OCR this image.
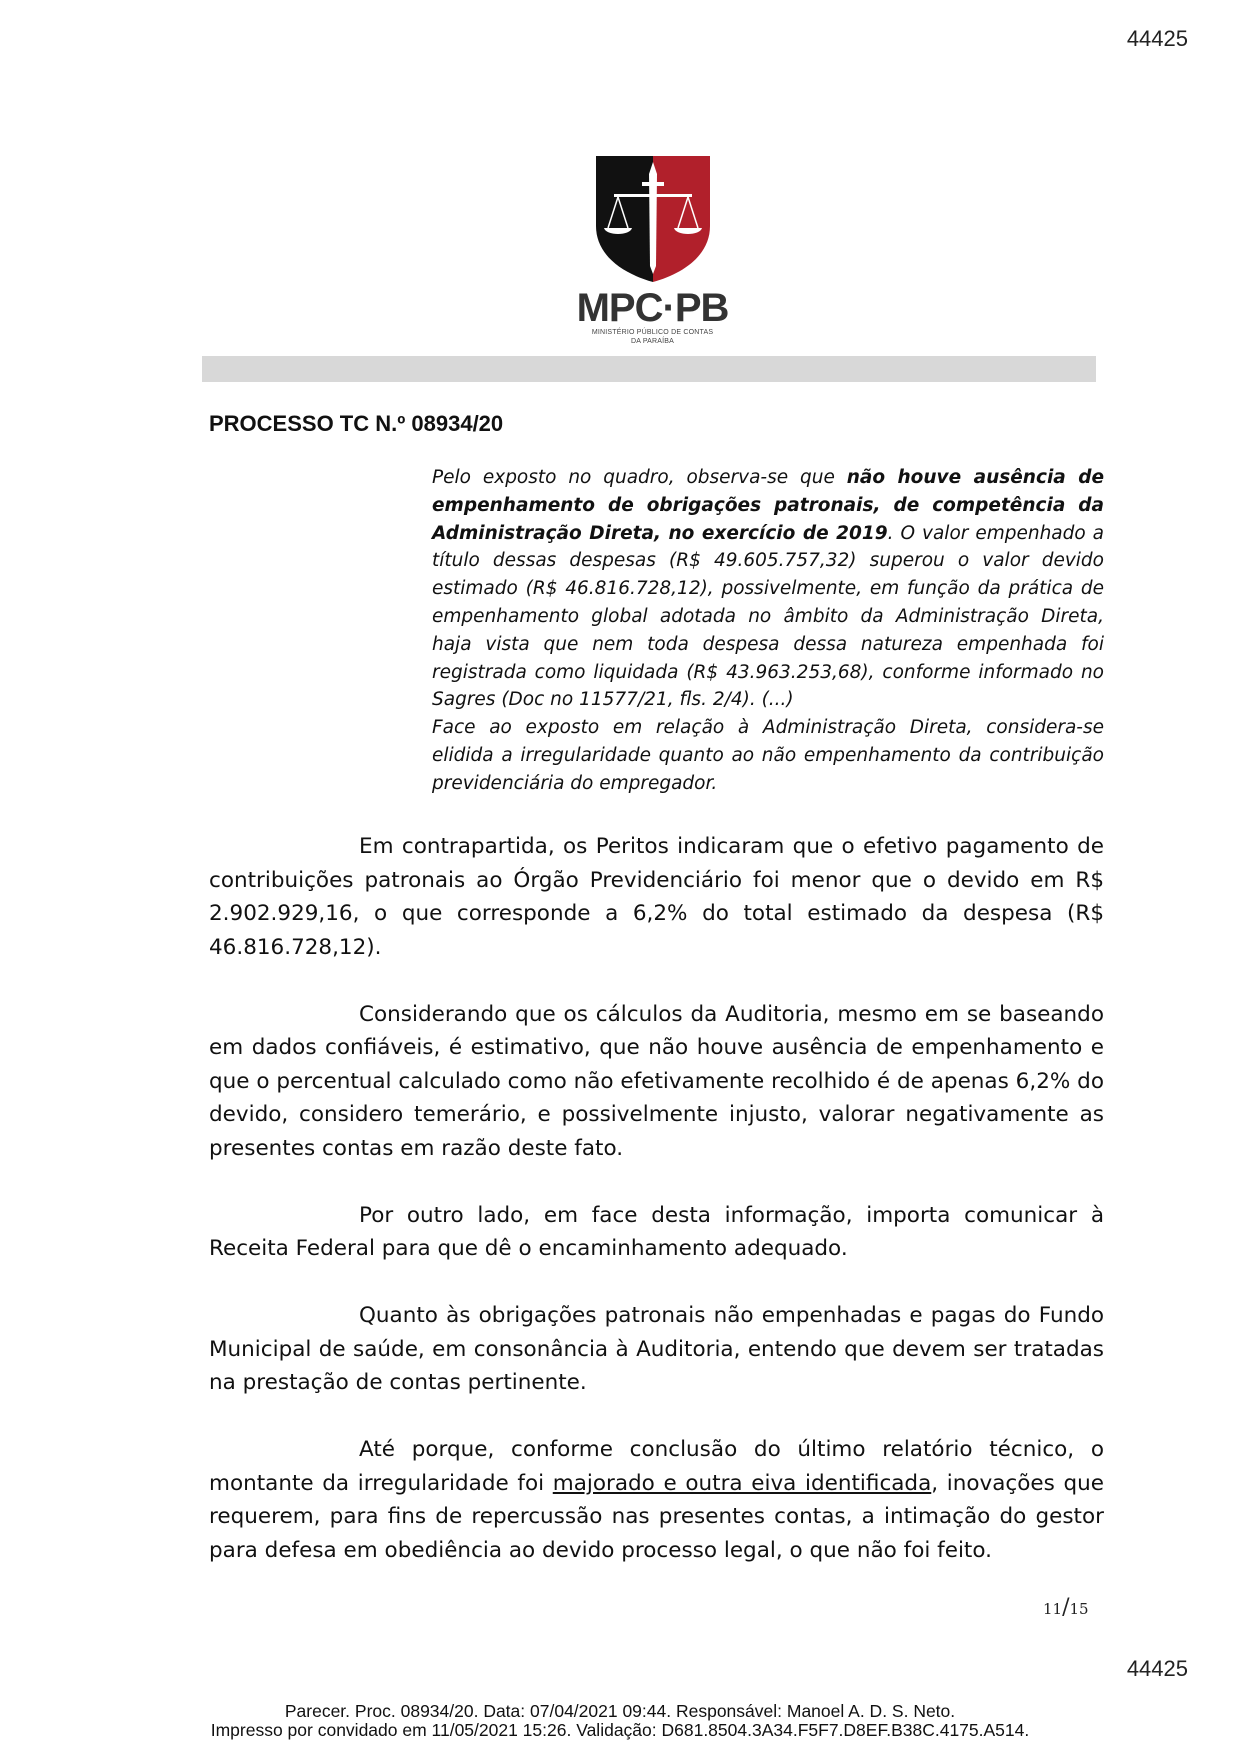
44425
MPC·PB
MINISTÉRIO PÚBLICO DE CONTAS
DA PARAÍBA
PROCESSO TC N.º 08934/20

Pelo exposto no quadro, observa-se que não houve ausência de empenhamento de obrigações patronais, de competência da Administração Direta, no exercício de 2019. O valor empenhado a título dessas despesas (R$ 49.605.757,32) superou o valor devido estimado (R$ 46.816.728,12), possivelmente, em função da prática de empenhamento global adotada no âmbito da Administração Direta, haja vista que nem toda despesa dessa natureza empenhada foi registrada como liquidada (R$ 43.963.253,68), conforme informado no Sagres (Doc no 11577/21, fls. 2/4). (...)

Face ao exposto em relação à Administração Direta, considera-se elidida a irregularidade quanto ao não empenhamento da contribuição previdenciária do empregador.

Em contrapartida, os Peritos indicaram que o efetivo pagamento de contribuições patronais ao Órgão Previdenciário foi menor que o devido em R$ 2.902.929,16, o que corresponde a 6,2% do total estimado da despesa (R$ 46.816.728,12).

Considerando que os cálculos da Auditoria, mesmo em se baseando em dados confiáveis, é estimativo, que não houve ausência de empenhamento e que o percentual calculado como não efetivamente recolhido é de apenas 6,2% do devido, considero temerário, e possivelmente injusto, valorar negativamente as presentes contas em razão deste fato.

Por outro lado, em face desta informação, importa comunicar à Receita Federal para que dê o encaminhamento adequado.

Quanto às obrigações patronais não empenhadas e pagas do Fundo Municipal de saúde, em consonância à Auditoria, entendo que devem ser tratadas na prestação de contas pertinente.

Até porque, conforme conclusão do último relatório técnico, o montante da irregularidade foi majorado e outra eiva identificada, inovações que requerem, para fins de repercussão nas presentes contas, a intimação do gestor para defesa em obediência ao devido processo legal, o que não foi feito.

11/15
44425
Parecer. Proc. 08934/20. Data: 07/04/2021 09:44. Responsável: Manoel A. D. S. Neto.
Impresso por convidado em 11/05/2021 15:26. Validação: D681.8504.3A34.F5F7.D8EF.B38C.4175.A514.
